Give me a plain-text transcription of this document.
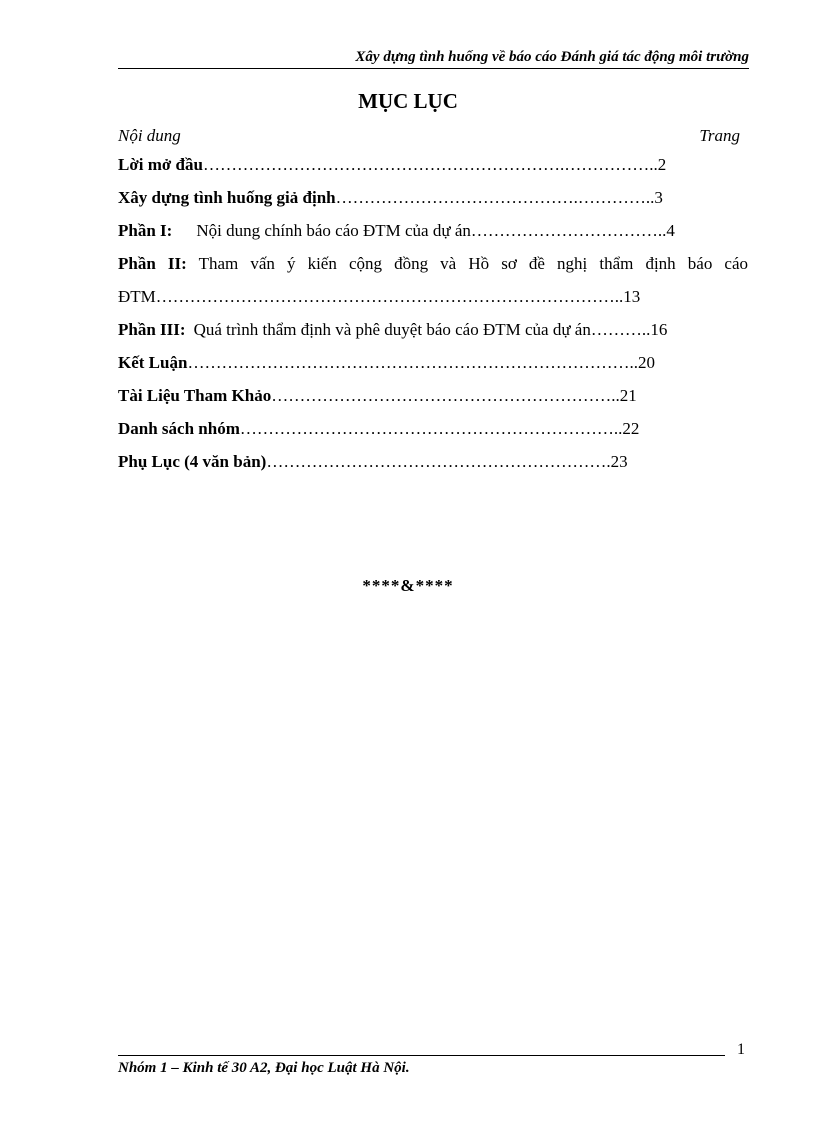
Xây dựng tình huống về báo cáo Đánh giá tác động môi trường
MỤC LỤC
Nội dung	Trang
Lời mở đầu……………………………………………………….……………..2
Xây dựng tình huống giả định…………………………………….…………..3
Phần I: Nội dung chính báo cáo ĐTM của dự án……………………………..4
Phần II: Tham vấn ý kiến cộng đồng và Hồ sơ đề nghị thẩm định báo cáo
ĐTM………………………………………………………………………..13
Phần III: Quá trình thẩm định và phê duyệt báo cáo ĐTM của dự án………..16
Kết Luận……………………………………………………………………..20
Tài Liệu Tham Khảo……………………………………………………..21
Danh sách nhóm…………………………………………………………..22
Phụ Lục (4 văn bản)…………………………………………………….23
****&****
1
Nhóm 1 – Kinh tế 30 A2, Đại học Luật Hà Nội.
